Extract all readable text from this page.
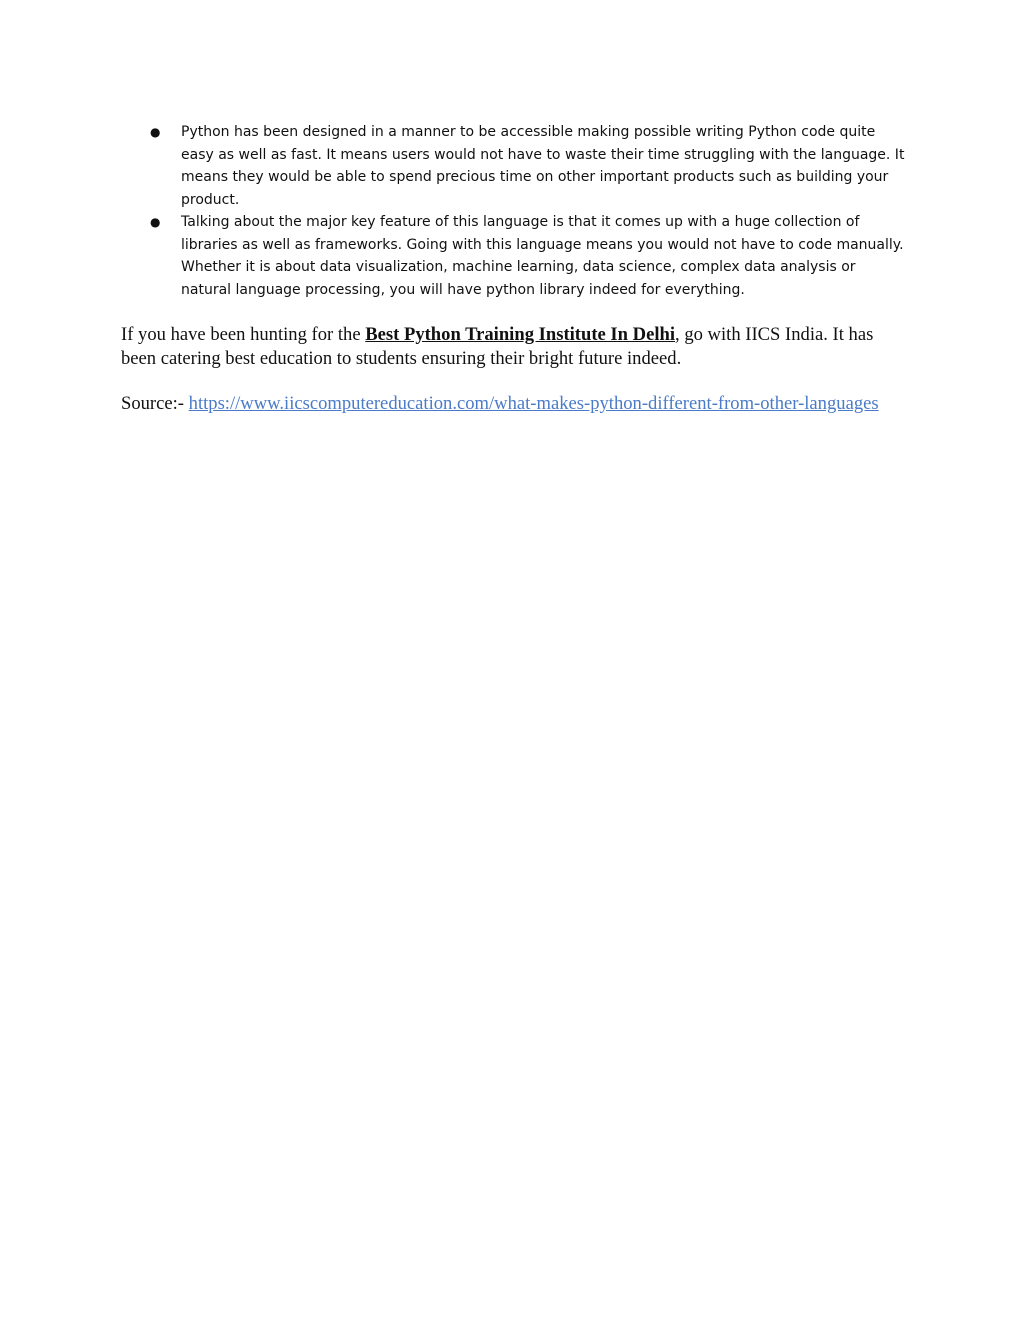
● Python has been designed in a manner to be accessible making possible writing Python code quite easy as well as fast. It means users would not have to waste their time struggling with the language. It means they would be able to spend precious time on other important products such as building your product.
● Talking about the major key feature of this language is that it comes up with a huge collection of libraries as well as frameworks. Going with this language means you would not have to code manually. Whether it is about data visualization, machine learning, data science, complex data analysis or natural language processing, you will have python library indeed for everything.

If you have been hunting for the Best Python Training Institute In Delhi, go with IICS India. It has been catering best education to students ensuring their bright future indeed.

Source:- https://www.iicscomputereducation.com/what-makes-python-different-from-other-languages
